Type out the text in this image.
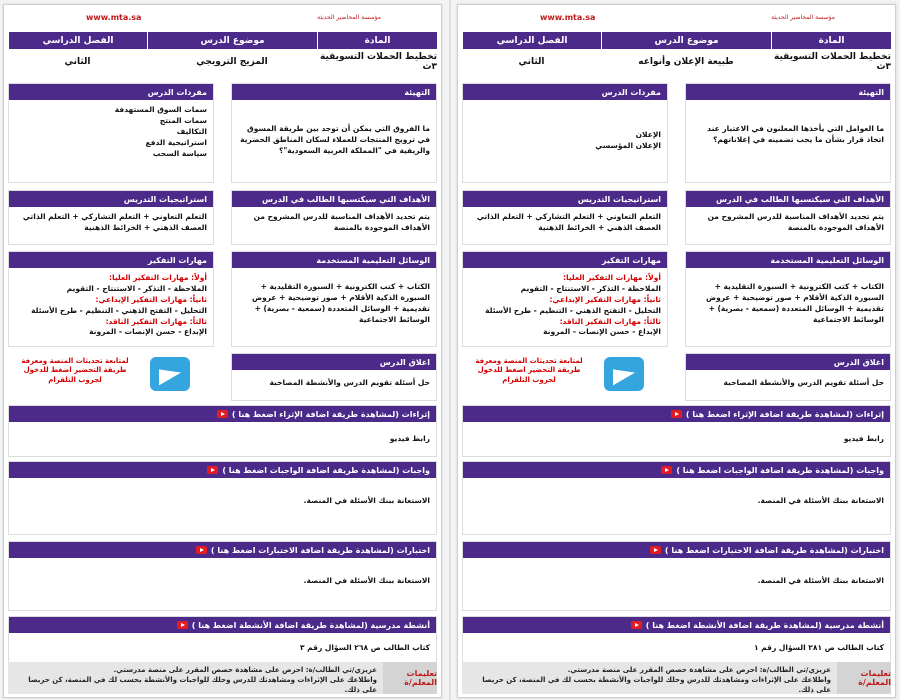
www.mta.sa	مؤسسة المحاضير الحديثة
المادة
موضوع الدرس
الفصل الدراسي
تخطيط الحملات التسويقية ٣ث
المزيج الترويجي
الثاني
التهيئة
ما الفروق التي يمكن أن توجد بين طريقة المسوق في ترويج المنتجات للعملاء لسكان المناطق الحضرية والريفية في "المملكة العربية السعودية"؟
مفردات الدرس
سمات السوق المستهدفة
سمات المنتج
التكاليف
استراتيجية الدفع
سياسة السحب
الأهداف التي سيكتسبها الطالب في الدرس
يتم تحديد الأهداف المناسبة للدرس المشروح من الأهداف الموجودة بالمنصة
استراتيجيات التدريس
التعلم التعاوني + التعلم التشاركي + التعلم الذاتي العصف الذهني + الخرائط الذهنية
الوسائل التعليمية المستخدمة
الكتاب + كتب الكترونية + السبورة التقليدية + السبورة الذكية الأقلام + صور توضيحية + عروض تقديمية + الوسائل المتعددة (سمعية - بصرية) + الوسائط الاجتماعية
مهارات التفكير
أولاً: مهارات التفكير العليا:
الملاحظة - التذكر - الاستنتاج - التقويم
ثانياً: مهارات التفكير الإبداعي:
التحليل - التفتح الذهني - التنظيم - طرح الأسئلة
ثالثاً: مهارات التفكير الناقد:
الإبداع - حسن الإنصات - المرونة
اغلاق الدرس
حل أسئلة تقويم الدرس والأنشطة المصاحبة
لمتابعة تحديثات المنصة ومعرفة طريقة التحضير اضغط للدخول لجروب التلقرام
إثراءات (لمشاهدة طريقة اضافة الإثراء اضغط هنا )
رابط فيديو
واجبات (لمشاهدة طريقة اضافة الواجبات اضغط هنا )
الاستعانة ببنك الأسئلة في المنصة.
اختبارات (لمشاهدة طريقة اضافة الاختبارات اضغط هنا )
الاستعانة ببنك الأسئلة في المنصة.
أنشطة مدرسية (لمشاهدة طريقة اضافة الأنشطة اضغط هنا )
كتاب الطالب ص ٢٦٨ السؤال رقم ٣
تعليمات المعلم/ة
عزيزي/تي الطالب/ة: احرص على مشاهدة حصص المقرر على منصة مدرستي.
واطلاعك على الإثراءات ومشاهدتك للدرس وحلك للواجبات والأنشطة بحسب لك في المنصة، كن حريصا على ذلك.
www.mta.sa	مؤسسة المحاضير الحديثة
المادة
موضوع الدرس
الفصل الدراسي
تخطيط الحملات التسويقية ٣ث
طبيعة الإعلان وأنواعه
الثاني
التهيئة
ما العوامل التي يأخذها المعلنون في الاعتبار عند اتخاذ قرار بشأن ما يجب تضمينه في إعلاناتهم؟
مفردات الدرس
الإعلان
الإعلان المؤسسي
الأهداف التي سيكتسبها الطالب في الدرس
يتم تحديد الأهداف المناسبة للدرس المشروح من الأهداف الموجودة بالمنصة
استراتيجيات التدريس
التعلم التعاوني + التعلم التشاركي + التعلم الذاتي العصف الذهني + الخرائط الذهنية
الوسائل التعليمية المستخدمة
الكتاب + كتب الكترونية + السبورة التقليدية + السبورة الذكية الأقلام + صور توضيحية + عروض تقديمية + الوسائل المتعددة (سمعية - بصرية) + الوسائط الاجتماعية
مهارات التفكير
أولاً: مهارات التفكير العليا:
الملاحظة - التذكر - الاستنتاج - التقويم
ثانياً: مهارات التفكير الإبداعي:
التحليل - التفتح الذهني - التنظيم - طرح الأسئلة
ثالثاً: مهارات التفكير الناقد:
الإبداع - حسن الإنصات - المرونة
اغلاق الدرس
حل أسئلة تقويم الدرس والأنشطة المصاحبة
لمتابعة تحديثات المنصة ومعرفة طريقة التحضير اضغط للدخول لجروب التلقرام
إثراءات (لمشاهدة طريقة اضافة الإثراء اضغط هنا )
رابط فيديو
واجبات (لمشاهدة طريقة اضافة الواجبات اضغط هنا )
الاستعانة ببنك الأسئلة في المنصة.
اختبارات (لمشاهدة طريقة اضافة الاختبارات اضغط هنا )
الاستعانة ببنك الأسئلة في المنصة.
أنشطة مدرسية (لمشاهدة طريقة اضافة الأنشطة اضغط هنا )
كتاب الطالب ص ٢٨١ السؤال رقم ١
تعليمات المعلم/ة
عزيزي/تي الطالب/ة: احرص على مشاهدة حصص المقرر على منصة مدرستي.
واطلاعك على الإثراءات ومشاهدتك للدرس وحلك للواجبات والأنشطة بحسب لك في المنصة، كن حريصا على ذلك.
